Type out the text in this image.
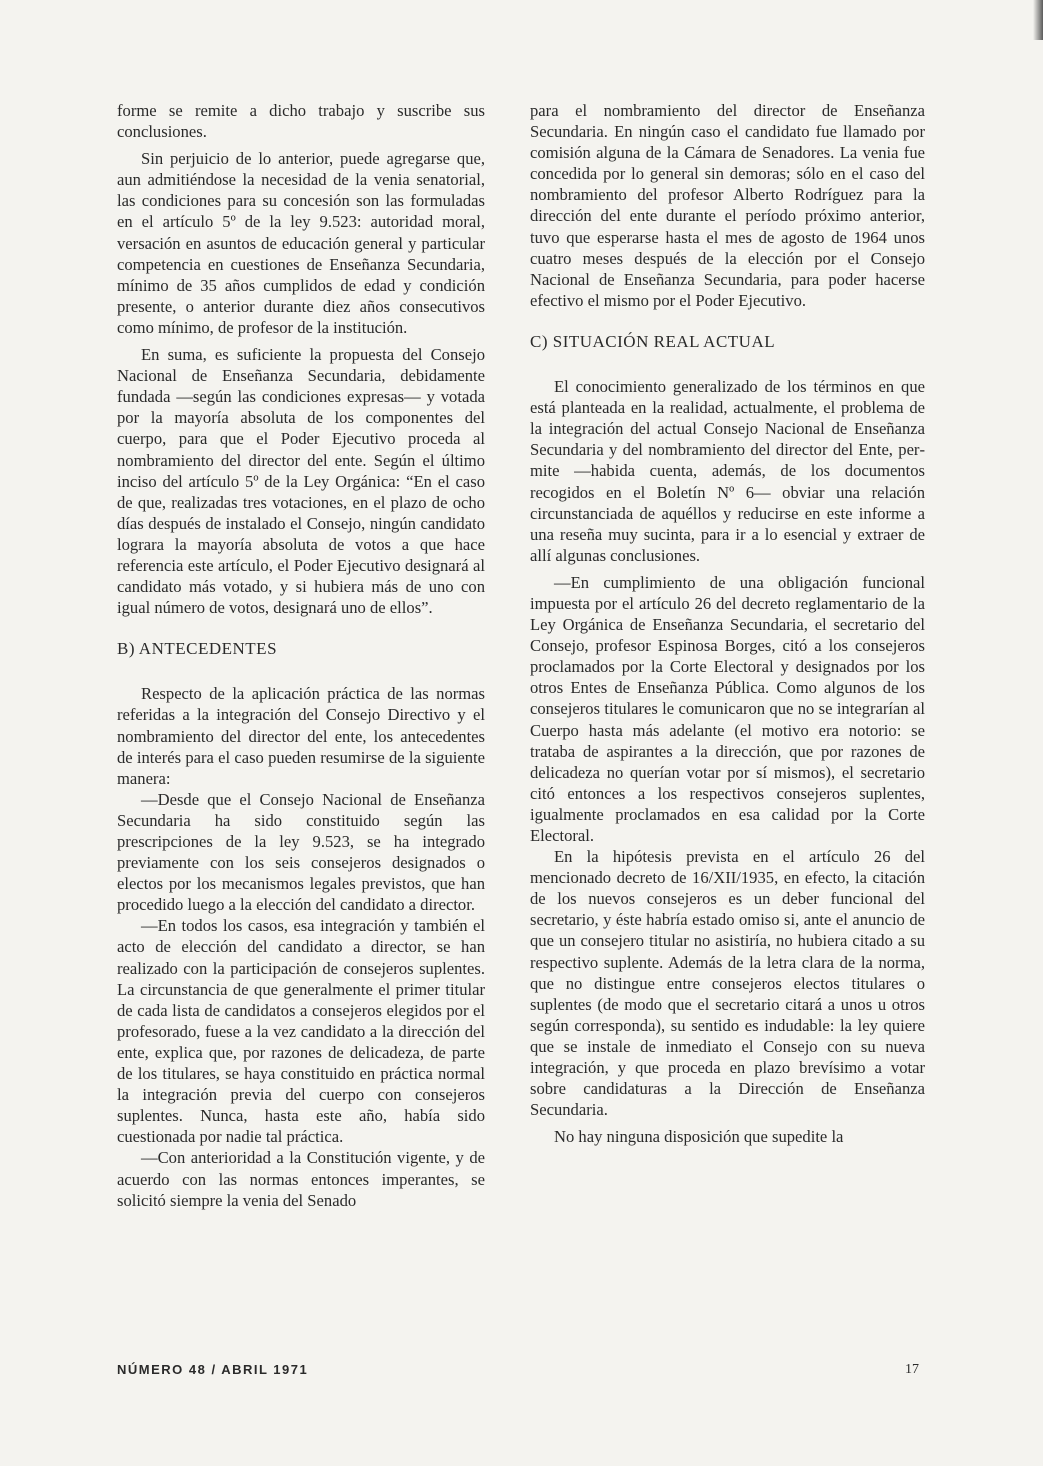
forme se remite a dicho trabajo y suscribe sus conclusiones.

Sin perjuicio de lo anterior, puede agregarse que, aun admitiéndose la necesidad de la venia senatorial, las condiciones para su concesión son las formuladas en el artículo 5º de la ley 9.523: autoridad moral, versación en asuntos de educación general y particular competencia en cuestiones de Enseñanza Secundaria, mínimo de 35 años cumplidos de edad y condición presente, o anterior durante diez años consecutivos como mínimo, de profesor de la institución.

En suma, es suficiente la propuesta del Consejo Nacional de Enseñanza Secundaria, debidamente fundada —según las condiciones expresas— y votada por la mayoría absoluta de los componentes del cuerpo, para que el Poder Ejecutivo proceda al nombramiento del director del ente. Según el último inciso del artículo 5º de la Ley Orgánica: “En el caso de que, realizadas tres votaciones, en el plazo de ocho días después de instalado el Consejo, ningún candidato lograra la mayoría absoluta de votos a que hace referencia este artículo, el Poder Ejecutivo designará al candidato más votado, y si hubiera más de uno con igual número de votos, designará uno de ellos”.

B) ANTECEDENTES

Respecto de la aplicación práctica de las normas referidas a la integración del Consejo Directivo y el nombramiento del director del ente, los antecedentes de interés para el caso pueden resumirse de la siguiente manera:

—Desde que el Consejo Nacional de Enseñanza Secundaria ha sido constituido según las prescripciones de la ley 9.523, se ha integrado previamente con los seis consejeros designados o electos por los mecanismos legales previstos, que han procedido luego a la elección del candidato a director.

—En todos los casos, esa integración y también el acto de elección del candidato a director, se han realizado con la participación de consejeros suplentes. La circunstancia de que generalmente el primer titular de cada lista de candidatos a consejeros elegidos por el profesorado, fuese a la vez candidato a la dirección del ente, explica que, por razones de delicadeza, de parte de los titulares, se haya constituido en práctica normal la integración previa del cuerpo con consejeros suplentes. Nunca, hasta este año, había sido cuestionada por nadie tal práctica.

—Con anterioridad a la Constitución vigente, y de acuerdo con las normas entonces imperantes, se solicitó siempre la venia del Senado

para el nombramiento del director de Enseñanza Secundaria. En ningún caso el candidato fue llamado por comisión alguna de la Cámara de Senadores. La venia fue concedida por lo general sin demoras; sólo en el caso del nombramiento del profesor Alberto Rodríguez para la dirección del ente durante el período próximo anterior, tuvo que esperarse hasta el mes de agosto de 1964 unos cuatro meses después de la elección por el Consejo Nacional de Enseñanza Secundaria, para poder hacerse efectivo el mismo por el Poder Ejecutivo.

C) SITUACIÓN REAL ACTUAL

El conocimiento generalizado de los términos en que está planteada en la realidad, actualmente, el problema de la integración del actual Consejo Nacional de Enseñanza Secundaria y del nombramiento del director del Ente, permite —habida cuenta, además, de los documentos recogidos en el Boletín Nº 6— obviar una relación circunstanciada de aquéllos y reducirse en este informe a una reseña muy sucinta, para ir a lo esencial y extraer de allí algunas conclusiones.

—En cumplimiento de una obligación funcional impuesta por el artículo 26 del decreto reglamentario de la Ley Orgánica de Enseñanza Secundaria, el secretario del Consejo, profesor Espinosa Borges, citó a los consejeros proclamados por la Corte Electoral y designados por los otros Entes de Enseñanza Pública. Como algunos de los consejeros titulares le comunicaron que no se integrarían al Cuerpo hasta más adelante (el motivo era notorio: se trataba de aspirantes a la dirección, que por razones de delicadeza no querían votar por sí mismos), el secretario citó entonces a los respectivos consejeros suplentes, igualmente proclamados en esa calidad por la Corte Electoral.

En la hipótesis prevista en el artículo 26 del mencionado decreto de 16/XII/1935, en efecto, la citación de los nuevos consejeros es un deber funcional del secretario, y éste habría estado omiso si, ante el anuncio de que un consejero titular no asistiría, no hubiera citado a su respectivo suplente. Además de la letra clara de la norma, que no distingue entre consejeros electos titulares o suplentes (de modo que el secretario citará a unos u otros según corresponda), su sentido es indudable: la ley quiere que se instale de inmediato el Consejo con su nueva integración, y que proceda en plazo brevísimo a votar sobre candidaturas a la Dirección de Enseñanza Secundaria.

No hay ninguna disposición que supedite la

NÚMERO 48 / ABRIL 1971	17
